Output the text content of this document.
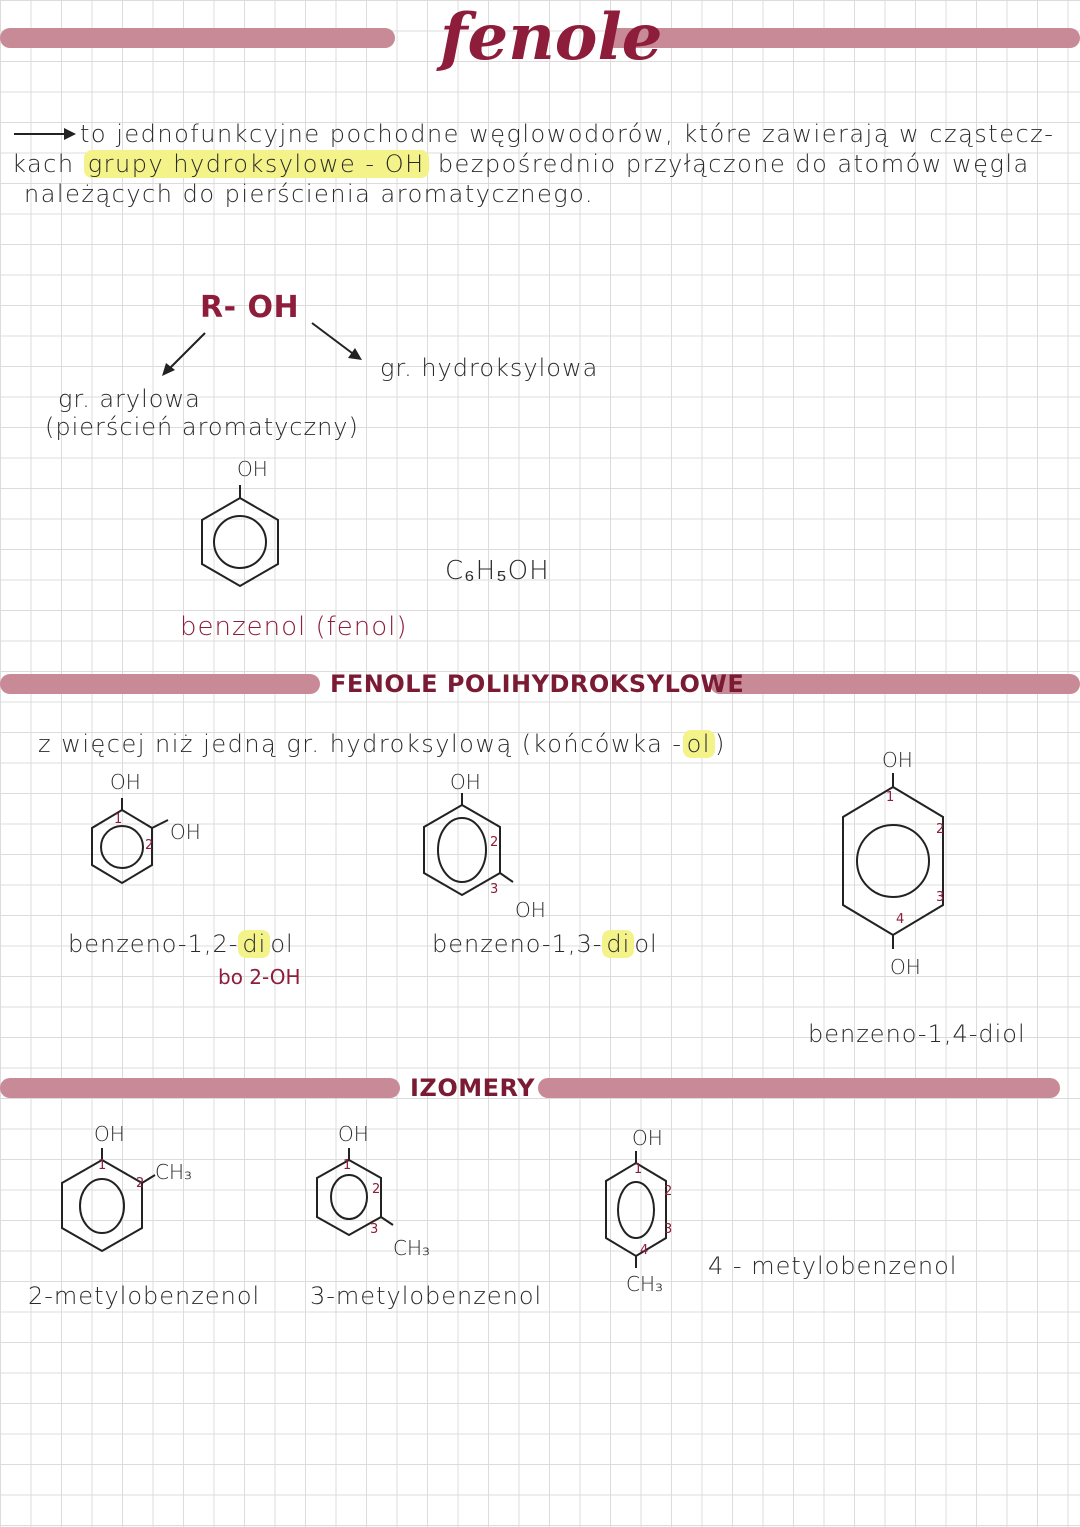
fenole
to jednofunkcyjne pochodne węglowodorów, które zawierają w cząstecz-
kach grupy hydroksylowe - OH bezpośrednio przyłączone do atomów węgla
należących do pierścienia aromatycznego.
R- OH
gr. arylowa
(pierścień aromatyczny)
gr. hydroksylowa
OH
C₆H₅OH
benzenol (fenol)
FENOLE POLIHYDROKSYLOWE
z więcej niż jedną gr. hydroksylową (końcówka - ol )
OH
OH
1
2
benzeno-1,2- di ol
bo 2-OH
OH
2
3
OH
benzeno-1,3- di ol
OH
1
2
3
4
OH
benzeno-1,4-diol
IZOMERY
OH
CH₃
1
2
2-metylobenzenol
OH
1
2
3
CH₃
3-metylobenzenol
OH
1
2
3
4
CH₃
4 - metylobenzenol
